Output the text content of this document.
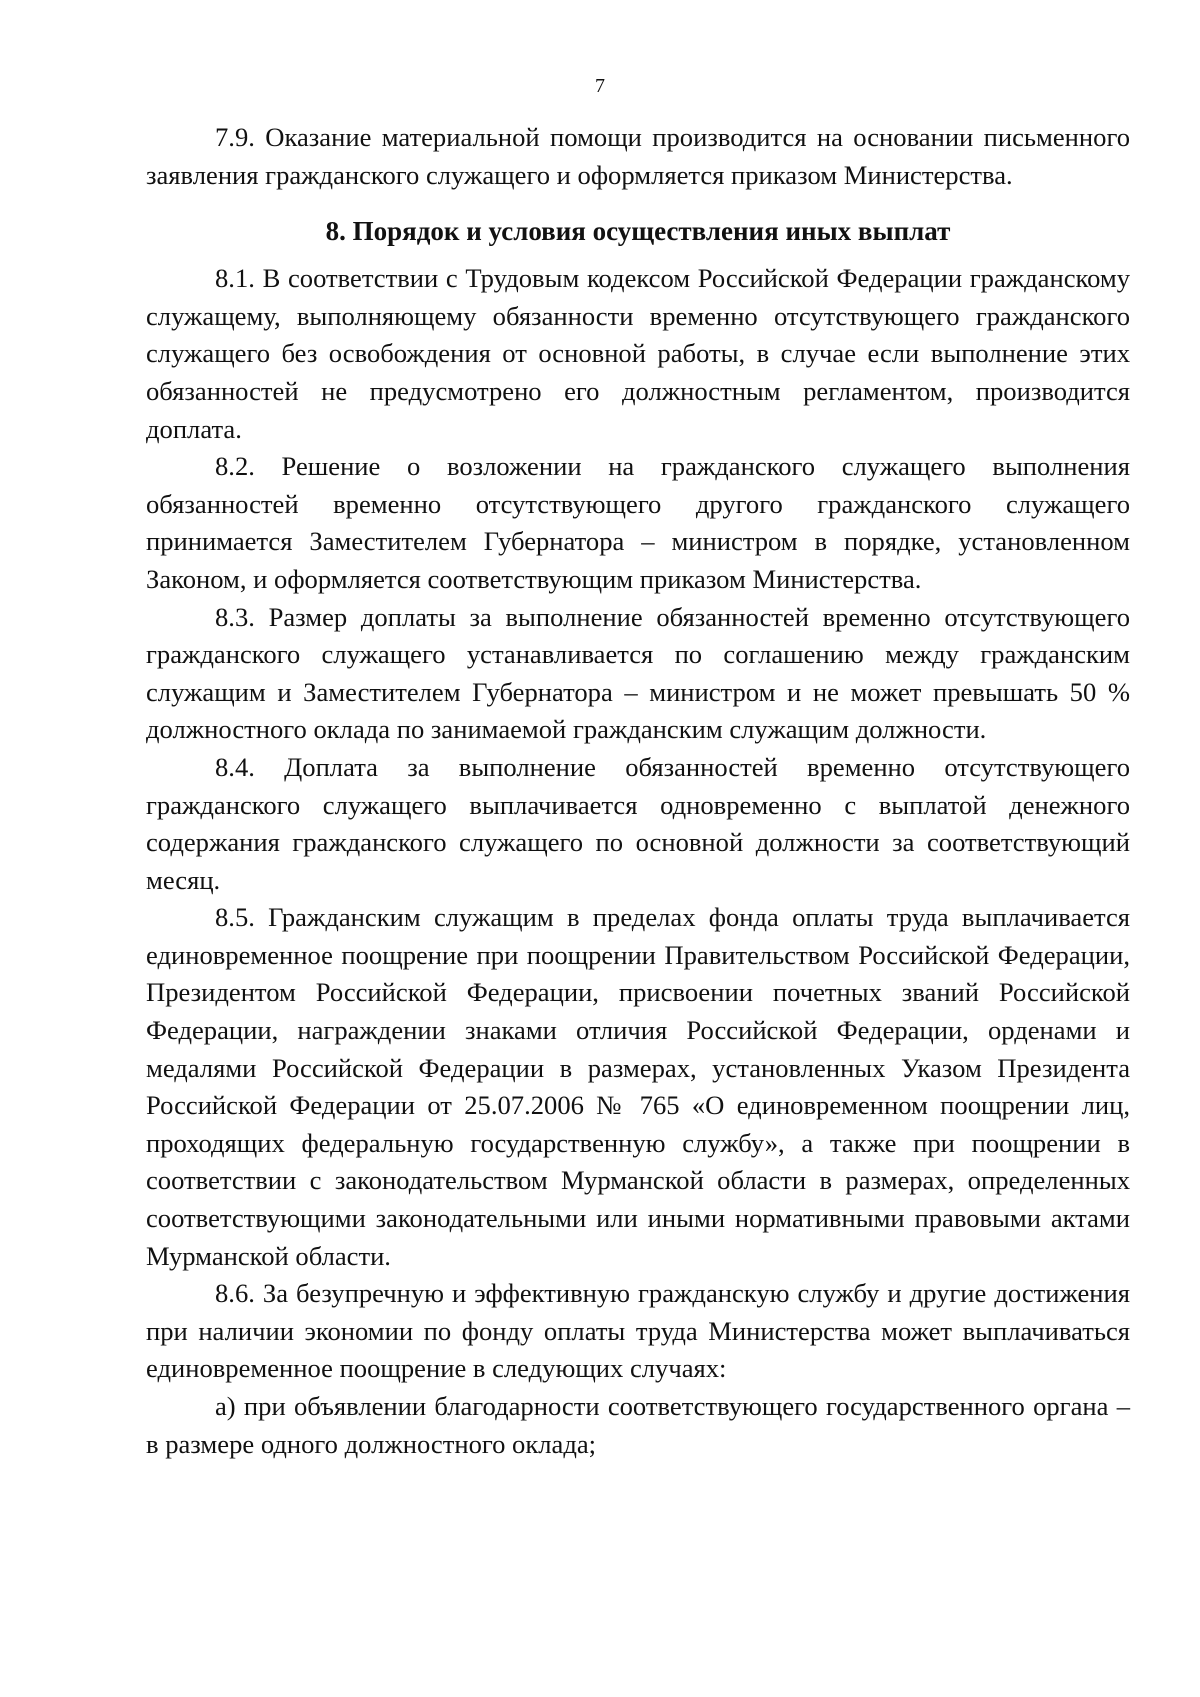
7

7.9. Оказание материальной помощи производится на основании письменного заявления гражданского служащего и оформляется приказом Министерства.

8. Порядок и условия осуществления иных выплат

8.1. В соответствии с Трудовым кодексом Российской Федерации гражданскому служащему, выполняющему обязанности временно отсутствующего гражданского служащего без освобождения от основной работы, в случае если выполнение этих обязанностей не предусмотрено его должностным регламентом, производится доплата.

8.2. Решение о возложении на гражданского служащего выполнения обязанностей временно отсутствующего другого гражданского служащего принимается Заместителем Губернатора – министром в порядке, установленном Законом, и оформляется соответствующим приказом Министерства.

8.3. Размер доплаты за выполнение обязанностей временно отсутствующего гражданского служащего устанавливается по соглашению между гражданским служащим и Заместителем Губернатора – министром и не может превышать 50 % должностного оклада по занимаемой гражданским служащим должности.

8.4. Доплата за выполнение обязанностей временно отсутствующего гражданского служащего выплачивается одновременно с выплатой денежного содержания гражданского служащего по основной должности за соответствующий месяц.

8.5. Гражданским служащим в пределах фонда оплаты труда выплачивается единовременное поощрение при поощрении Правительством Российской Федерации, Президентом Российской Федерации, присвоении почетных званий Российской Федерации, награждении знаками отличия Российской Федерации, орденами и медалями Российской Федерации в размерах, установленных Указом Президента Российской Федерации от 25.07.2006 № 765 «О единовременном поощрении лиц, проходящих федеральную государственную службу», а также при поощрении в соответствии с законодательством Мурманской области в размерах, определенных соответствующими законодательными или иными нормативными правовыми актами Мурманской области.

8.6. За безупречную и эффективную гражданскую службу и другие достижения при наличии экономии по фонду оплаты труда Министерства может выплачиваться единовременное поощрение в следующих случаях:

а) при объявлении благодарности соответствующего государственного органа – в размере одного должностного оклада;
